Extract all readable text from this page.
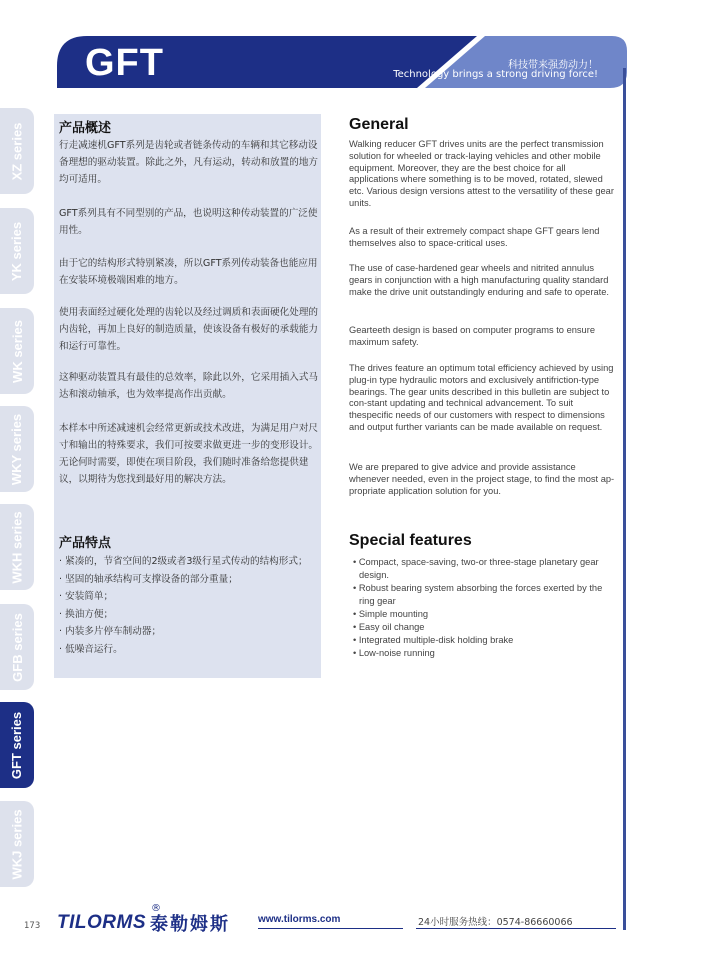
GFT	科技带来强劲动力！
Technology brings a strong driving force!
XZ series
YK series
WK series
WKY series
WKH series
GFB series
GFT series
WKJ series
产品概述
行走减速机GFT系列是齿轮或者链条传动的车辆和其它移动设备理想的驱动装置。除此之外，凡有运动，转动和放置的地方均可适用。
GFT系列具有不同型别的产品，也说明这种传动装置的广泛使用性。
由于它的结构形式特别紧凑，所以GFT系列传动装备也能应用在安装环境极端困难的地方。
使用表面经过硬化处理的齿轮以及经过调质和表面硬化处理的内齿轮，再加上良好的制造质量，使该设备有极好的承载能力和运行可靠性。
这种驱动装置具有最佳的总效率，除此以外，它采用插入式马达和滚动轴承，也为效率提高作出贡献。
本样本中所述减速机会经常更新或技术改进，为满足用户对尺寸和输出的特殊要求，我们可按要求做更进一步的变形设计。无论何时需要，即使在项目阶段，我们随时准备给您提供建议，以期待为您找到最好用的解决方法。
产品特点
· 紧凑的，节省空间的2级或者3级行星式传动的结构形式；
· 坚固的轴承结构可支撑设备的部分重量；
· 安装简单；
· 换油方便；
· 内装多片停车制动器；
· 低噪音运行。
General
Walking reducer GFT drives units are the perfect transmission solution for wheeled or track-laying vehicles and other mobile equipment. Moreover, they are the best choice for all applications where something is to be moved, rotated, slewed etc. Various design versions attest to the versatility of these gear units.
As a result of their extremely compact shape GFT gears lend themselves also to space-critical uses.
The use of case-hardened gear wheels and nitrited annulus gears in conjunction with a high manufacturing quality standard make the drive unit outstandingly enduring and safe to operate.
Gearteeth design is based on computer programs to ensure maximum safety.
The drives feature an optimum total efficiency achieved by using plug-in type hydraulic motors and exclusively antifriction-type bearings. The gear units described in this bulletin are subject to con-stant updating and technical advancement. To suit thespecific needs of our customers with respect to dimensions and output further variants can be made available on request.
We are prepared to give advice and provide assistance whenever needed, even in the project stage, to find the most ap-propriate application solution for you.
Special features
• Compact, space-saving, two-or three-stage planetary gear design.
• Robust bearing system absorbing the forces exerted by the ring gear
• Simple mounting
• Easy oil change
• Integrated multiple-disk holding brake
• Low-noise running
173 TILORMS 泰勒姆斯
®
www.tilorms.com	24小时服务热线：0574-86660066
